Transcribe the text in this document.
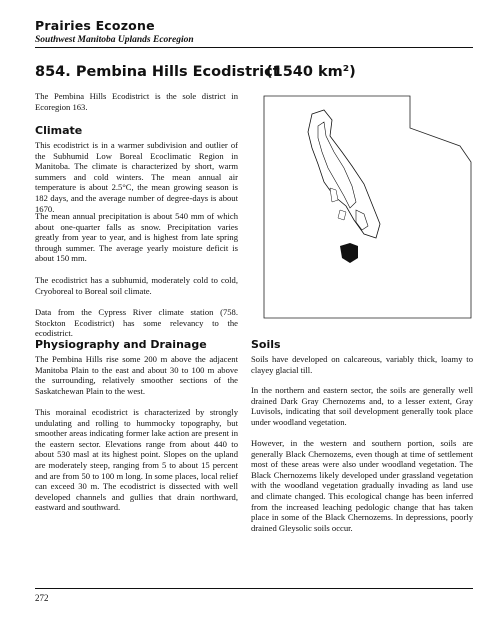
Prairies Ecozone
Southwest Manitoba Uplands Ecoregion
854. Pembina Hills Ecodistrict
(1540 km²)

The Pembina Hills Ecodistrict is the sole district in Ecoregion 163.

Climate

This ecodistrict is in a warmer subdivision and outlier of the Subhumid Low Boreal Ecoclimatic Region in Manitoba. The climate is characterized by short, warm summers and cold winters. The mean annual air temperature is about 2.5°C, the mean growing season is 182 days, and the average number of degree-days is about 1670.

The mean annual precipitation is about 540 mm of which about one-quarter falls as snow. Precipitation varies greatly from year to year, and is highest from late spring through summer. The average yearly moisture deficit is about 150 mm.

The ecodistrict has a subhumid, moderately cold to cold, Cryoboreal to Boreal soil climate.

Data from the Cypress River climate station (758. Stockton Ecodistrict) has some relevancy to the ecodistrict.

Physiography and Drainage

The Pembina Hills rise some 200 m above the adjacent Manitoba Plain to the east and about 30 to 100 m above the surrounding, relatively smoother sections of the Saskatchewan Plain to the west.

This morainal ecodistrict is characterized by strongly undulating and rolling to hummocky topography, but smoother areas indicating former lake action are present in the eastern sector. Elevations range from about 440 to about 530 masl at its highest point. Slopes on the upland are moderately steep, ranging from 5 to about 15 percent and are from 50 to 100 m long. In some places, local relief can exceed 30 m. The ecodistrict is dissected with well developed channels and gullies that drain northward, eastward and southward.

Soils

Soils have developed on calcareous, variably thick, loamy to clayey glacial till.

In the northern and eastern sector, the soils are generally well drained Dark Gray Chernozems and, to a lesser extent, Gray Luvisols, indicating that soil development generally took place under woodland vegetation.

However, in the western and southern portion, soils are generally Black Chernozems, even though at time of settlement most of these areas were also under woodland vegetation. The Black Chernozems likely developed under grassland vegetation with the woodland vegetation gradually invading as land use and climate changed. This ecological change has been inferred from the increased leaching pedologic change that has taken place in some of the Black Chernozems. In depressions, poorly drained Gleysolic soils occur.

272
